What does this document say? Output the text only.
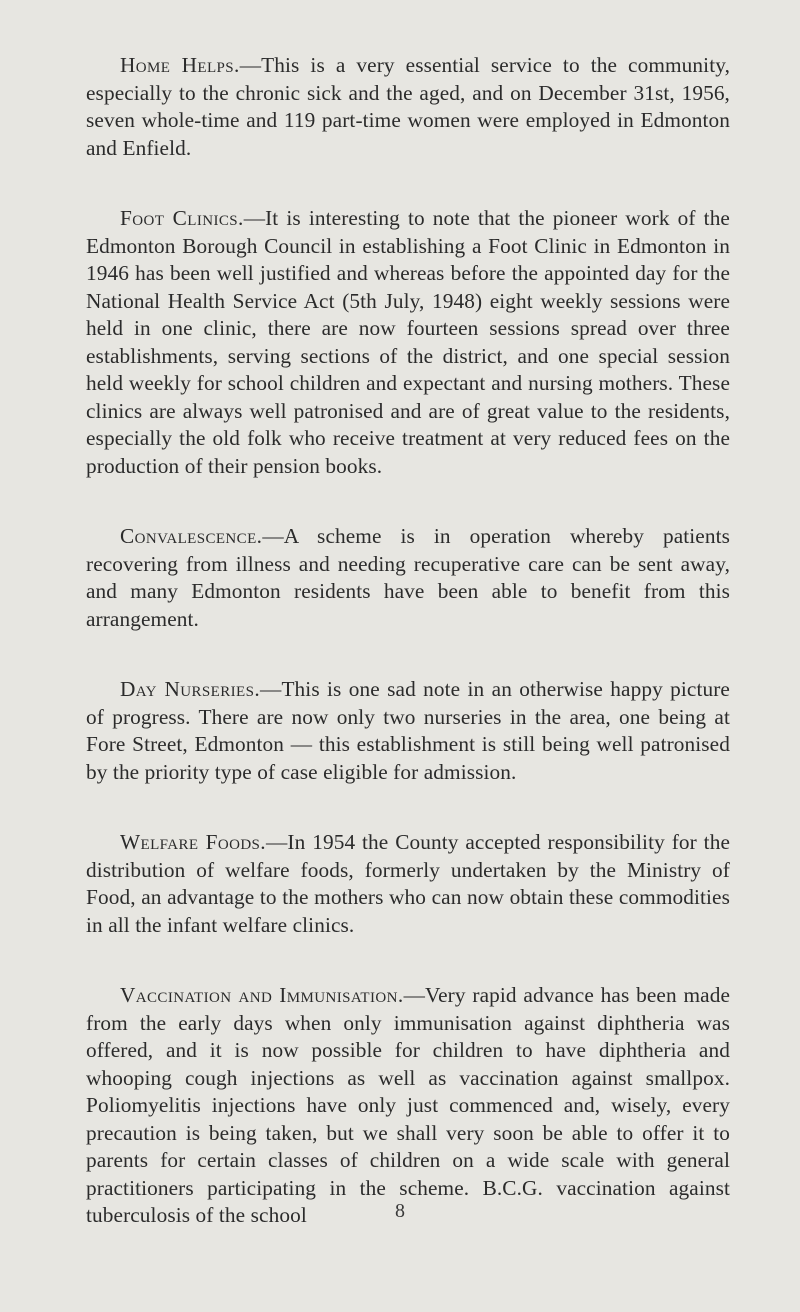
Home Helps.—This is a very essential service to the community, especially to the chronic sick and the aged, and on December 31st, 1956, seven whole-time and 119 part-time women were employed in Edmonton and Enfield.

Foot Clinics.—It is interesting to note that the pioneer work of the Edmonton Borough Council in establishing a Foot Clinic in Edmonton in 1946 has been well justified and whereas before the appointed day for the National Health Service Act (5th July, 1948) eight weekly sessions were held in one clinic, there are now fourteen sessions spread over three establishments, serving sections of the district, and one special session held weekly for school children and expectant and nursing mothers. These clinics are always well patronised and are of great value to the residents, especially the old folk who receive treatment at very reduced fees on the production of their pension books.

Convalescence.—A scheme is in operation whereby patients recovering from illness and needing recuperative care can be sent away, and many Edmonton residents have been able to benefit from this arrangement.

Day Nurseries.—This is one sad note in an otherwise happy picture of progress. There are now only two nurseries in the area, one being at Fore Street, Edmonton — this establishment is still being well patronised by the priority type of case eligible for admission.

Welfare Foods.—In 1954 the County accepted responsibility for the distribution of welfare foods, formerly undertaken by the Ministry of Food, an advantage to the mothers who can now obtain these commodities in all the infant welfare clinics.

Vaccination and Immunisation.—Very rapid advance has been made from the early days when only immunisation against diphtheria was offered, and it is now possible for children to have diphtheria and whooping cough injections as well as vaccination against smallpox. Poliomyelitis injections have only just commenced and, wisely, every precaution is being taken, but we shall very soon be able to offer it to parents for certain classes of children on a wide scale with general practitioners participating in the scheme. B.C.G. vaccination against tuberculosis of the school	8
